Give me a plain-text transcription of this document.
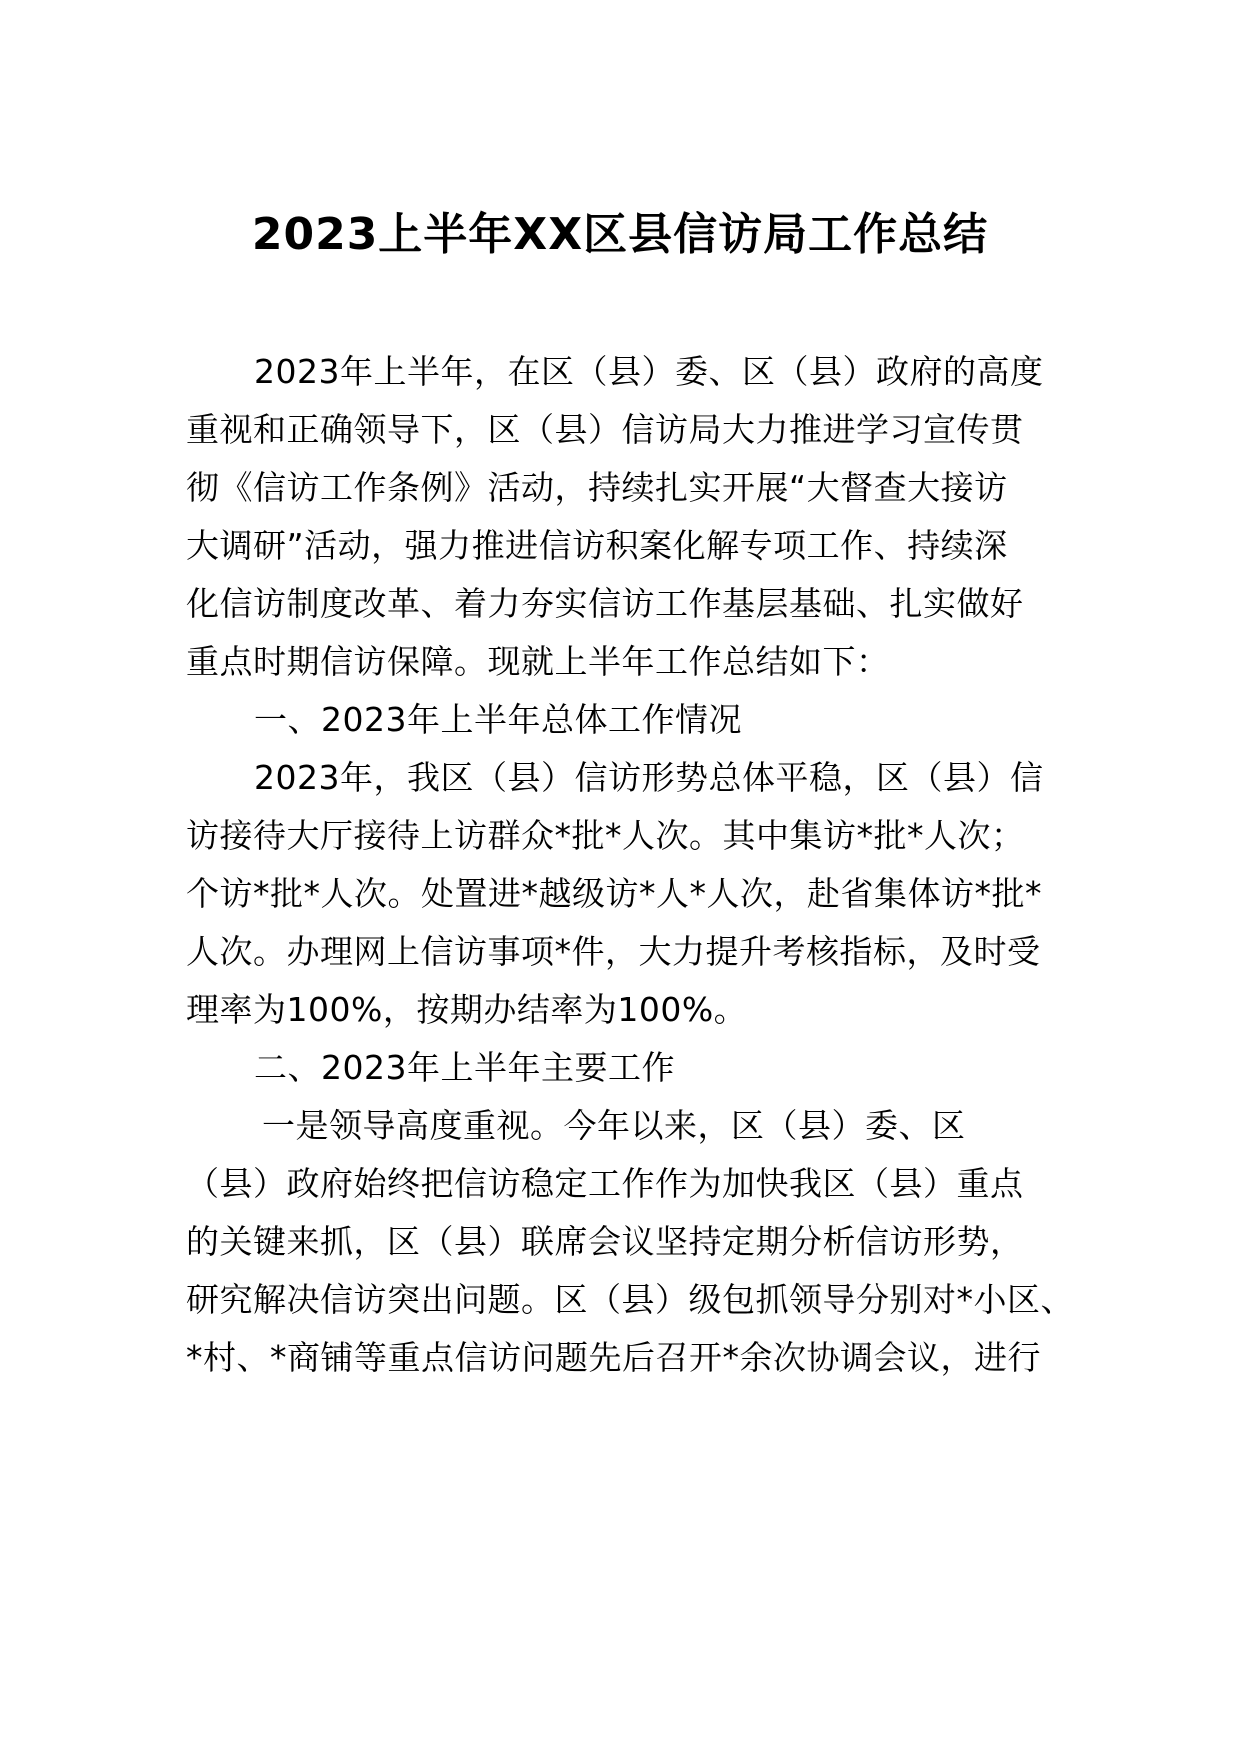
2023上半年XX区县信访局工作总结
2023年上半年，在区（县）委、区（县）政府的高度
重视和正确领导下，区（县）信访局大力推进学习宣传贯
彻《信访工作条例》活动，持续扎实开展“大督查大接访
大调研”活动，强力推进信访积案化解专项工作、持续深
化信访制度改革、着力夯实信访工作基层基础、扎实做好
重点时期信访保障。现就上半年工作总结如下：
一、2023年上半年总体工作情况
2023年，我区（县）信访形势总体平稳，区（县）信
访接待大厅接待上访群众*批*人次。其中集访*批*人次；
个访*批*人次。处置进*越级访*人*人次，赴省集体访*批*
人次。办理网上信访事项*件，大力提升考核指标，及时受
理率为100%，按期办结率为100%。
二、2023年上半年主要工作
一是领导高度重视。今年以来，区（县）委、区
（县）政府始终把信访稳定工作作为加快我区（县）重点
的关键来抓，区（县）联席会议坚持定期分析信访形势，
研究解决信访突出问题。区（县）级包抓领导分别对*小区、
*村、*商铺等重点信访问题先后召开*余次协调会议，进行
